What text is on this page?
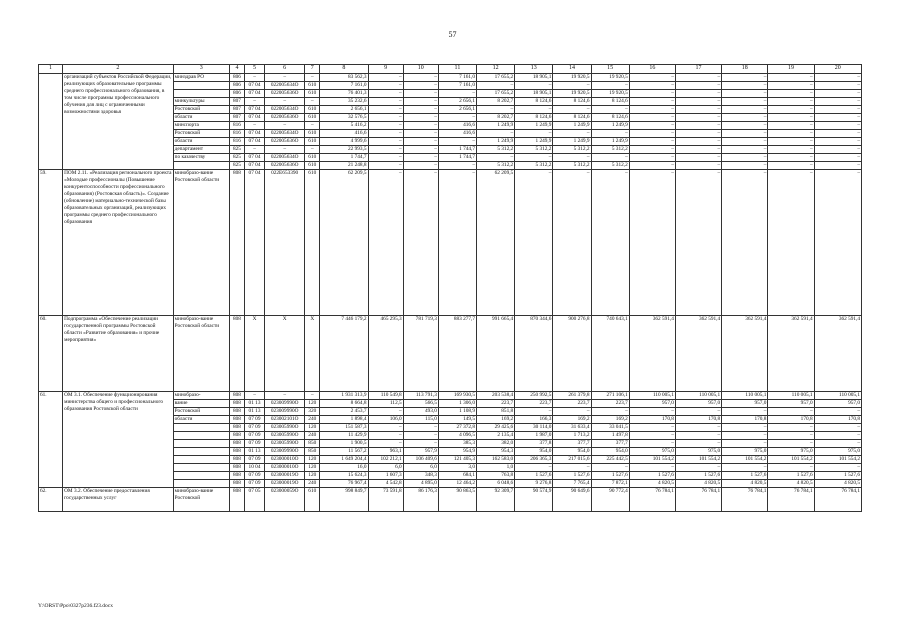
57
1	2	3	4	5	6	7	8	9	10	11	12	13	14	15	16	17	18	19	20
	организаций субъектов Российской Федерации, реализующих образовательные программы среднего профессионального образования, в том числе программы профессионального обучения для лиц с ограниченными возможностями здоровья	минздрав РО	806	–	–	–	83 562,3	–	–	7 161,0	17 655,2	18 905,1	19 920,5	19 920,5	–	–	–	–	–
			806	07 04	022005634О	610	7 161,0	–	–	7 161,0	–	–	–	–	–	–	–	–	–
			806	07 04	022005636О	610	76 401,3	–	–	–	17 655,2	18 905,1	19 920,5	19 920,5	–	–	–	–	–
		минкультуры	807	–	–	–	35 232,6	–	–	2 656,1	8 202,7	8 124,6	8 124,6	8 124,6	–	–	–	–	–
		Ростовской	807	07 04	022005634О	610	2 656,1	–	–	2 656,1	–	–	–	–	–	–	–	–	–
		области	807	07 04	022005636О	610	32 576,5	–	–	–	8 202,7	8 124,6	8 124,6	8 124,6	–	–	–	–	–
		минспорта	816	–	–	–	5 416,2	–	–	416,6	1 249,9	1 249,9	1 249,9	1 249,9	–	–	–	–	–
		Ростовской	816	07 04	022005634О	610	416,6	–	–	416,6	–	–	–	–	–	–	–	–	–
		области	816	07 04	022005636О	610	4 999,6	–	–	–	1 249,9	1 249,9	1 249,9	1 249,9	–	–	–	–	–
		департамент	825	–	–	–	22 993,5	–	–	1 744,7	5 312,2	5 312,2	5 312,2	5 312,2	–	–	–	–	–
		по казачеству	825	07 04	022005634О	610	1 744,7	–	–	1 744,7	–	–	–	–	–	–	–	–	–
			825	07 04	022005636О	610	21 248,8	–	–	–	5 312,2	5 312,2	5 312,2	5 312,2	–	–	–	–	–
59.	ПОМ 2.11. «Реализация регионального проекта «Молодые профессионалы (Повышение конкурентоспособности профессионального образования) (Ростовская область)». Создание (обновление) материально-технической базы образовательных организаций, реализующих программы среднего профессионального образования	минобразо-вание Ростовской области	808	07 04	022Е653390	610	62 209,5	–	–	–	62 209,5	–	–	–	–	–	–	–	–
60.	Подпрограмма «Обеспечение реализации государственной программы Ростовской области «Развитие образования» и прочие мероприятия»	минобразо-вание Ростовской области	808	X	X	X	7 446 179,2	465 295,3	781 719,3	883 277,7	991 665,4	870 344,6	900 276,8	740 643,1	362 591,4	362 591,4	362 591,4	362 591,4	362 591,4
61.	ОМ 3.1. Обеспечение функционирования министерства общего и профессионального образования Ростовской области	минобразо-	808	–	–	–	1 931 313,9	110 549,8	113 791,3	169 930,5	203 538,4	250 992,5	261 379,8	271 106,1	110 005,1	110 005,1	110 005,1	110 005,1	110 005,1
		вание	808	01 13	023009990О	120	8 664,8	112,5	566,5	1 306,0	223,7	223,7	223,7	223,7	957,0	957,0	957,0	957,0	957,0
		Ростовской	808	01 13	023009990О	320	2 453,7	–	493,0	1 108,9	851,8	–	–	–	–	–	–	–	–
		области	808	07 09	023002101О	240	1 898,4	106,0	115,0	149,5	169,2	166,3	169,2	169,2	170,8	170,8	170,8	170,8	170,8
			808	07 09	023005990О	120	151 587,3	–	–	27 372,8	29 425,6	30 114,0	31 633,4	33 041,5	–	–	–	–	–
			808	07 09	023005990О	240	11 429,9	–	–	4 096,5	2 135,4	1 987,0	1 713,2	1 497,8	–	–	–	–	–
			808	07 09	023005990О	850	1 900,5	–	–	385,3	382,0	377,8	377,7	377,7	–	–	–	–	–
			808	01 13	023009990О	850	11 567,2	963,1	957,9	954,9	954,3	954,0	954,0	954,0	975,0	975,0	975,0	975,0	975,0
			808	07 09	023000010О	120	1 649 204,4	102 212,1	106 409,6	121 405,3	162 583,0	206 365,3	217 015,6	225 442,5	101 554,2	101 554,2	101 554,2	101 554,2	101 554,2
			808	10 04	023000010О	120	16,0	6,0	6,0	3,0	1,0	–	–	–	–	–	–	–	–
			808	07 09	023000019О	120	15 624,3	1 607,3	348,3	684,1	763,8	1 527,6	1 527,6	1 527,6	1 527,6	1 527,6	1 527,6	1 527,6	1 527,6
			808	07 09	023000019О	240	76 967,4	4 542,8	4 895,0	12 464,2	6 048,6	9 276,8	7 765,4	7 872,1	4 820,5	4 820,5	4 820,5	4 820,5	4 820,5
62.	ОМ 3.2. Обеспечение предоставления государственных услуг	минобразо-вание Ростовской	808	07 05	023000059О	610	998 849,7	73 591,8	86 176,3	90 863,5	92 309,7	90 574,9	90 649,6	90 772,4	76 784,1	76 784,1	76 784,1	76 784,1	76 784,1
Y:\ORST\Ppo\0327p236.f23.docx
